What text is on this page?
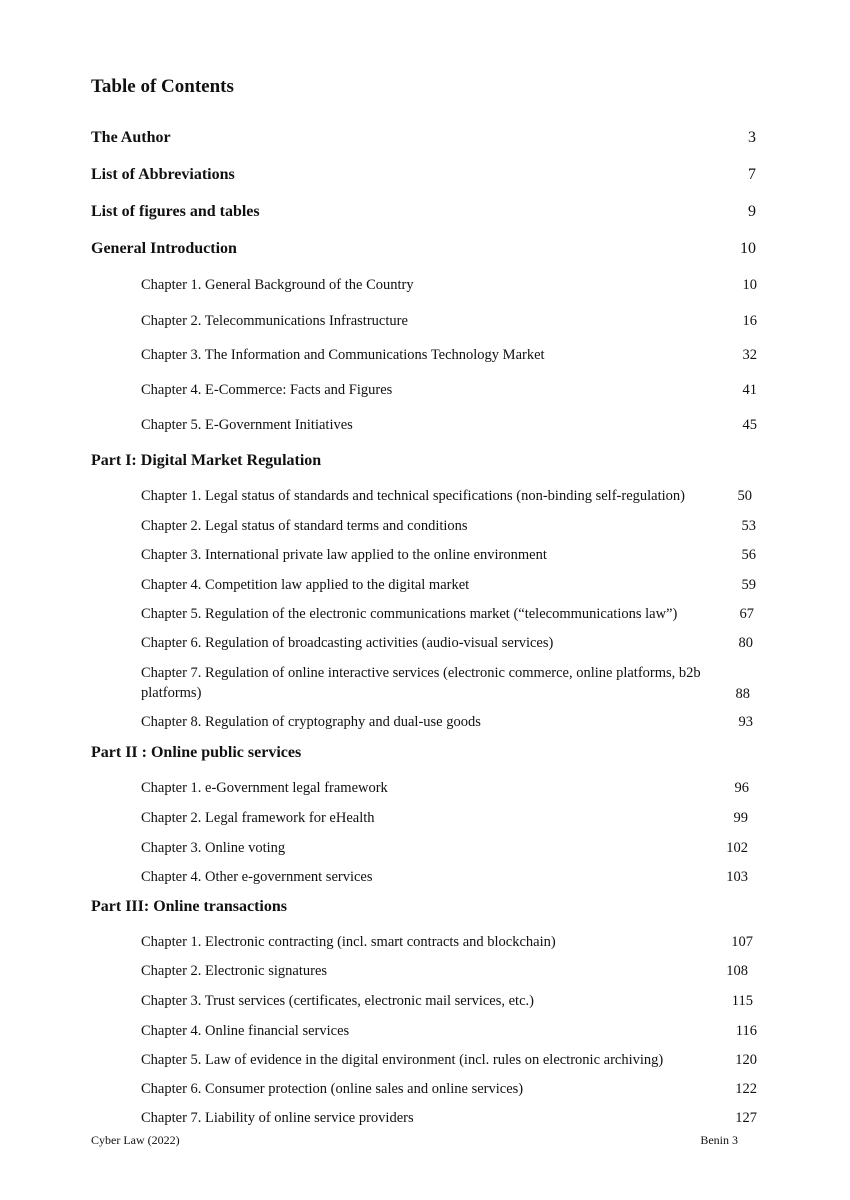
Table of Contents
The Author	3
List of Abbreviations	7
List of figures and tables	9
General Introduction	10
Chapter 1. General Background of the Country	10
Chapter 2. Telecommunications Infrastructure	16
Chapter 3. The Information and Communications Technology Market	32
Chapter 4. E-Commerce: Facts and Figures	41
Chapter 5. E-Government Initiatives	45
Part I: Digital Market Regulation
Chapter 1. Legal status of standards and technical specifications (non-binding self-regulation)	50
Chapter 2. Legal status of standard terms and conditions	53
Chapter 3. International private law applied to the online environment	56
Chapter 4. Competition law applied to the digital market	59
Chapter 5. Regulation of the electronic communications market (“telecommunications law”)	67
Chapter 6. Regulation of broadcasting activities (audio-visual services)	80
Chapter 7. Regulation of online interactive services (electronic commerce, online platforms, b2b platforms)	88
Chapter 8. Regulation of cryptography and dual-use goods	93
Part II : Online public services
Chapter 1. e-Government legal framework	96
Chapter 2. Legal framework for eHealth	99
Chapter 3. Online voting	102
Chapter 4. Other e-government services	103
Part III: Online transactions
Chapter 1. Electronic contracting (incl. smart contracts and blockchain)	107
Chapter 2. Electronic signatures	108
Chapter 3. Trust services (certificates, electronic mail services, etc.)	115
Chapter 4. Online financial services	116
Chapter 5. Law of evidence in the digital environment (incl. rules on electronic archiving)	120
Chapter 6. Consumer protection (online sales and online services)	122
Chapter 7. Liability of online service providers	127
Cyber Law (2022)	Benin 3
